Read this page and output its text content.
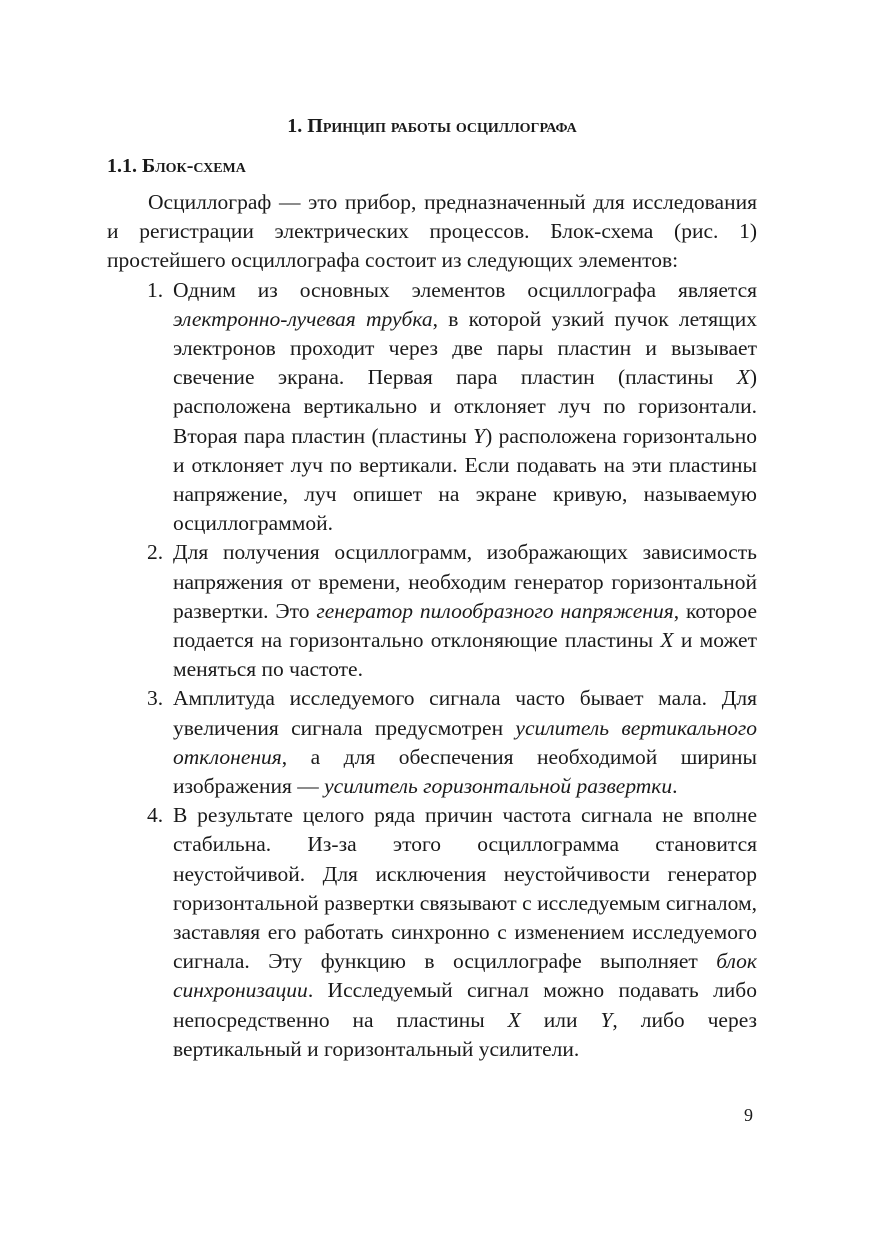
1. Принцип работы осциллографа
1.1. Блок-схема

Осциллограф — это прибор, предназначенный для исследования и регистрации электрических процессов. Блок-схема (рис. 1) простейшего осциллографа состоит из следующих элементов:

1. Одним из основных элементов осциллографа является электронно-лучевая трубка, в которой узкий пучок летящих электронов проходит через две пары пластин и вызывает свечение экрана. Первая пара пластин (пластины X) расположена вертикально и отклоняет луч по горизонтали. Вторая пара пластин (пластины Y) расположена горизонтально и отклоняет луч по вертикали. Если подавать на эти пластины напряжение, луч опишет на экране кривую, называемую осциллограммой.
2. Для получения осциллограмм, изображающих зависимость напряжения от времени, необходим генератор горизонтальной развертки. Это генератор пилообразного напряжения, которое подается на горизонтально отклоняющие пластины X и может меняться по частоте.
3. Амплитуда исследуемого сигнала часто бывает мала. Для увеличения сигнала предусмотрен усилитель вертикального отклонения, а для обеспечения необходимой ширины изображения — усилитель горизонтальной развертки.
4. В результате целого ряда причин частота сигнала не вполне стабильна. Из-за этого осциллограмма становится неустойчивой. Для исключения неустойчивости генератор горизонтальной развертки связывают с исследуемым сигналом, заставляя его работать синхронно с изменением исследуемого сигнала. Эту функцию в осциллографе выполняет блок синхронизации. Исследуемый сигнал можно подавать либо непосредственно на пластины X или Y, либо через вертикальный и горизонтальный усилители.
9
